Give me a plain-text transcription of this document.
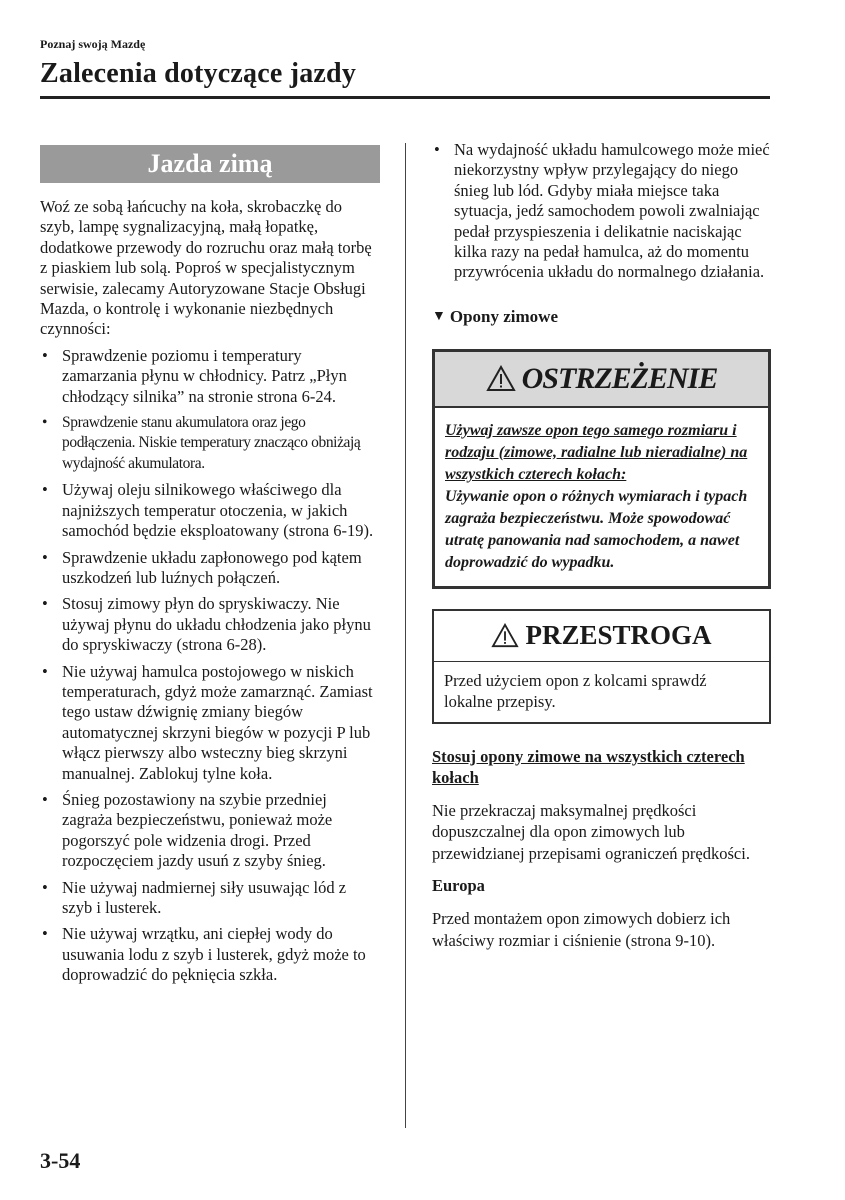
Poznaj swoją Mazdę
Zalecenia dotyczące jazdy
Jazda zimą

Woź ze sobą łańcuchy na koła, skrobaczkę do szyb, lampę sygnalizacyjną, małą łopatkę, dodatkowe przewody do rozruchu oraz małą torbę z piaskiem lub solą. Poproś w specjalistycznym serwisie, zalecamy Autoryzowane Stacje Obsługi Mazda, o kontrolę i wykonanie niezbędnych czynności:

• Sprawdzenie poziomu i temperatury zamarzania płynu w chłodnicy. Patrz „Płyn chłodzący silnika” na stronie strona 6-24.
• Sprawdzenie stanu akumulatora oraz jego podłączenia. Niskie temperatury znacząco obniżają wydajność akumulatora.
• Używaj oleju silnikowego właściwego dla najniższych temperatur otoczenia, w jakich samochód będzie eksploatowany (strona 6-19).
• Sprawdzenie układu zapłonowego pod kątem uszkodzeń lub luźnych połączeń.
• Stosuj zimowy płyn do spryskiwaczy. Nie używaj płynu do układu chłodzenia jako płynu do spryskiwaczy (strona 6-28).
• Nie używaj hamulca postojowego w niskich temperaturach, gdyż może zamarznąć. Zamiast tego ustaw dźwignię zmiany biegów automatycznej skrzyni biegów w pozycji P lub włącz pierwszy albo wsteczny bieg skrzyni manualnej. Zablokuj tylne koła.
• Śnieg pozostawiony na szybie przedniej zagraża bezpieczeństwu, ponieważ może pogorszyć pole widzenia drogi. Przed rozpoczęciem jazdy usuń z szyby śnieg.
• Nie używaj nadmiernej siły usuwając lód z szyb i lusterek.
• Nie używaj wrzątku, ani ciepłej wody do usuwania lodu z szyb i lusterek, gdyż może to doprowadzić do pęknięcia szkła.
• Na wydajność układu hamulcowego może mieć niekorzystny wpływ przylegający do niego śnieg lub lód. Gdyby miała miejsce taka sytuacja, jedź samochodem powoli zwalniając pedał przyspieszenia i delikatnie naciskając kilka razy na pedał hamulca, aż do momentu przywrócenia układu do normalnego działania.
▼ Opony zimowe
OSTRZEŻENIE
Używaj zawsze opon tego samego rozmiaru i rodzaju (zimowe, radialne lub nieradialne) na wszystkich czterech kołach:
Używanie opon o różnych wymiarach i typach zagraża bezpieczeństwu. Może spowodować utratę panowania nad samochodem, a nawet doprowadzić do wypadku.
PRZESTROGA
Przed użyciem opon z kolcami sprawdź lokalne przepisy.
Stosuj opony zimowe na wszystkich czterech kołach
Nie przekraczaj maksymalnej prędkości dopuszczalnej dla opon zimowych lub przewidzianej przepisami ograniczeń prędkości.
Europa
Przed montażem opon zimowych dobierz ich właściwy rozmiar i ciśnienie (strona 9-10).
3-54
